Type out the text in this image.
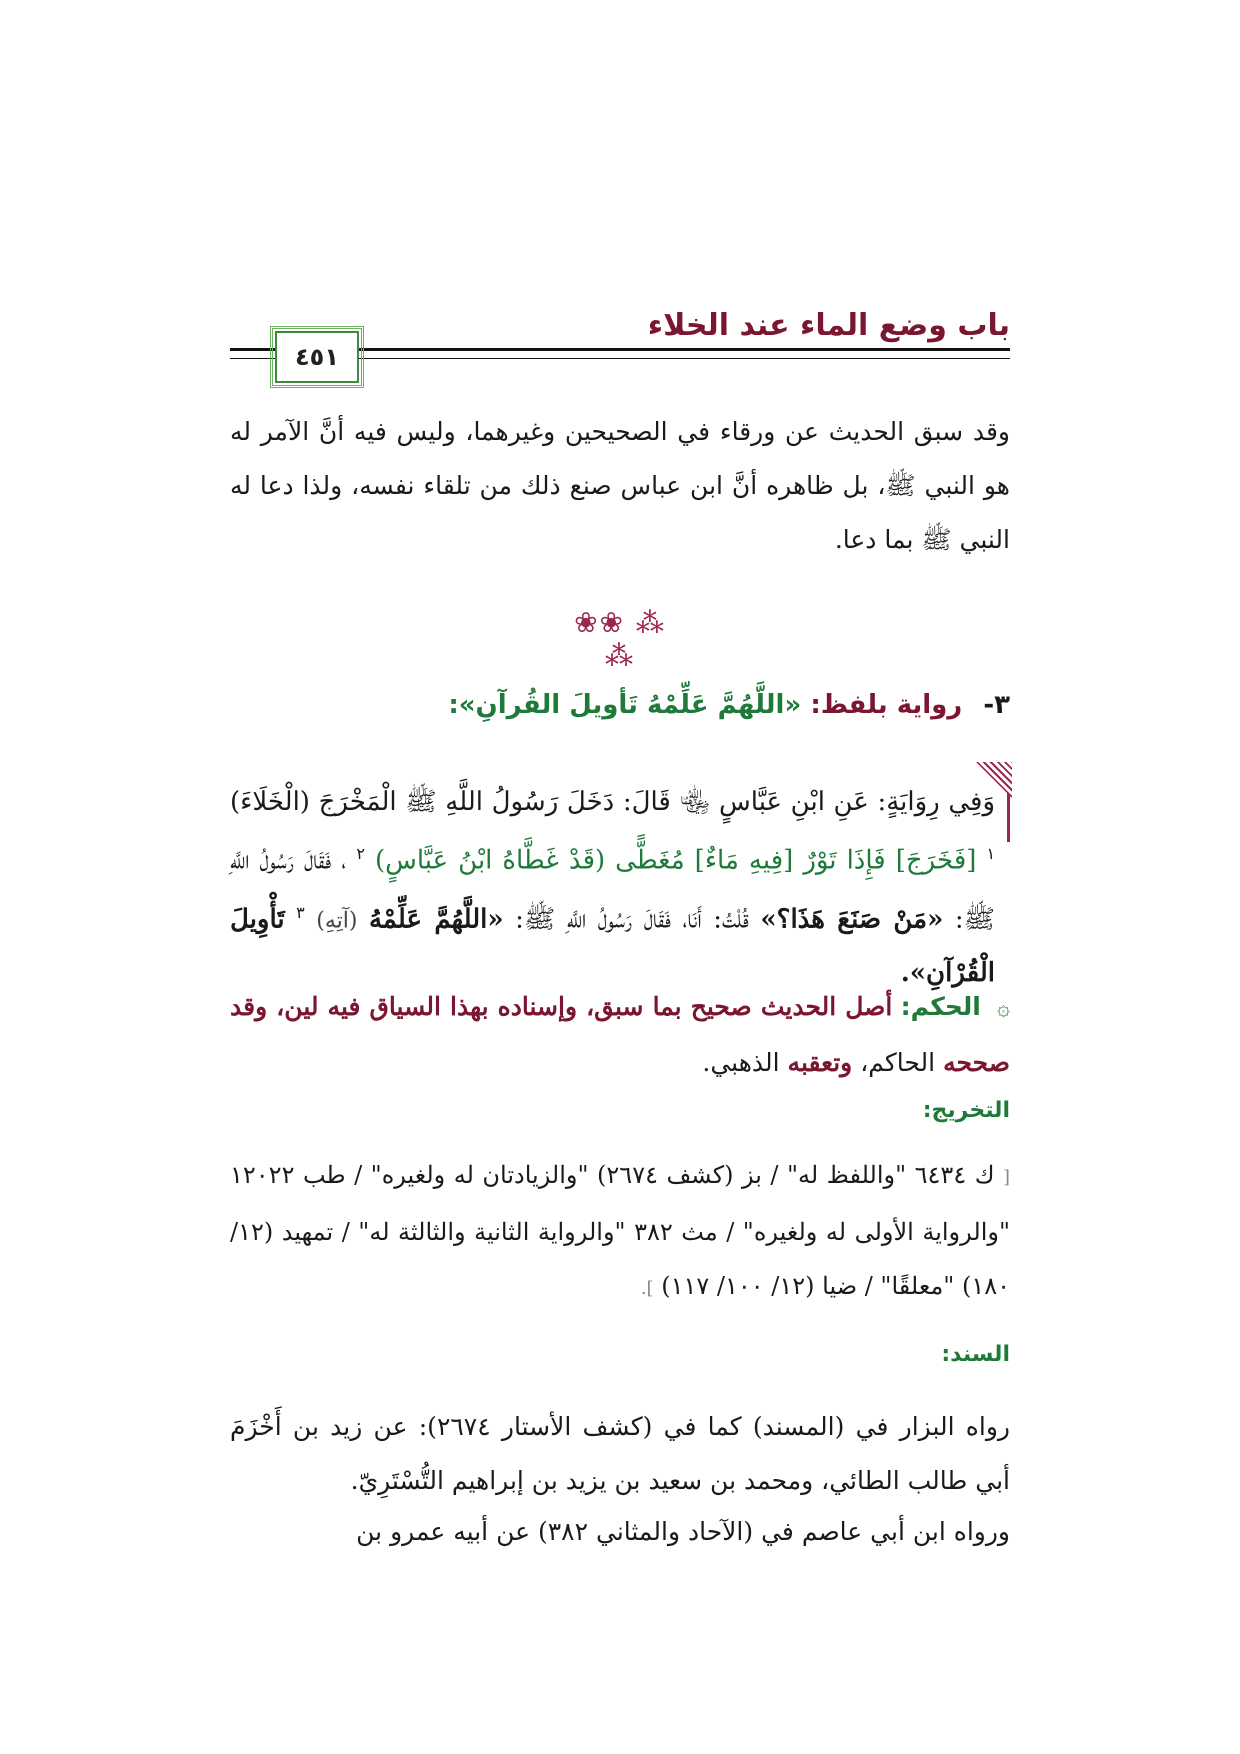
باب وضع الماء عند الخلاء
٤٥١
وقد سبق الحديث عن ورقاء في الصحيحين وغيرهما، وليس فيه أنَّ الآمر له هو النبي ﷺ، بل ظاهره أنَّ ابن عباس صنع ذلك من تلقاء نفسه، ولذا دعا له النبي ﷺ بما دعا.
⁂ ❀❀ ⁂
٣- رواية بلفظ: «اللَّهُمَّ عَلِّمْهُ تَأويلَ القُرآنِ»:
وَفِي رِوَايَةٍ: عَنِ ابْنِ عَبَّاسٍ ﵄ قَالَ: دَخَلَ رَسُولُ اللَّهِ ﷺ الْمَخْرَجَ (الْخَلَاءَ) $^١$ [فَخَرَجَ] فَإِذَا تَوْرٌ [فِيهِ مَاءٌ] مُغَطًّى (قَدْ غَطَّاهُ ابْنُ عَبَّاسٍ) $^٢$ ، فَقَالَ رَسُولُ اللَّهِ ﷺ: «مَنْ صَنَعَ هَذَا؟» قُلْتُ: أَنَا، فَقَالَ رَسُولُ اللَّهِ ﷺ: «اللَّهُمَّ عَلِّمْهُ (آتِهِ) $^٣$ تَأْوِيلَ الْقُرْآنِ».
۞ الحكم: أصل الحديث صحيح بما سبق، وإسناده بهذا السياق فيه لين، وقد صححه الحاكم، وتعقبه الذهبي.
التخريج:
[ ك ٦٤٣٤ "واللفظ له" / بز (كشف ٢٦٧٤) "والزيادتان له ولغيره" / طب ١٢٠٢٢ "والرواية الأولى له ولغيره" / مث ٣٨٢ "والرواية الثانية والثالثة له" / تمهيد (١٢/ ١٨٠) "معلقًا" / ضيا (١٢/ ١٠٠/ ١١٧) ].
السند:
رواه البزار في (المسند) كما في (كشف الأستار ٢٦٧٤): عن زيد بن أَخْزَمَ أبي طالب الطائي، ومحمد بن سعيد بن يزيد بن إبراهيم التُّسْتَرِيّ.
ورواه ابن أبي عاصم في (الآحاد والمثاني ٣٨٢) عن أبيه عمرو بن
